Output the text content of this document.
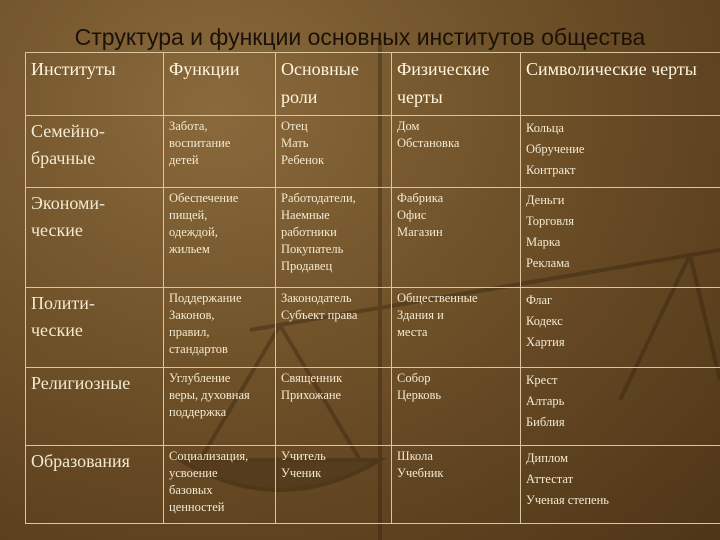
Структура и функции основных институтов общества
Институты	Функции	Основные роли	Физические черты	Символические черты

Семейно-
брачные	Забота,
воспитание
детей	Отец
Мать
Ребенок	Дом
Обстановка	Кольца
Обручение
Контракт

Экономи-
ческие	Обеспечение
пищей,
одеждой,
жильем	Работодатели,
Наемные
работники
Покупатель
Продавец	Фабрика
Офис
Магазин	Деньги
Торговля
Марка
Реклама

Полити-
ческие	Поддержание
Законов,
правил,
стандартов	Законодатель
Субъект права	Общественные
Здания и
места	Флаг
Кодекс
Хартия

Религиозные	Углубление
веры, духовная
поддержка	Священник
Прихожане	Собор
Церковь	Крест
Алтарь
Библия

Образования	Социализация,
усвоение
базовых
ценностей	Учитель
Ученик	Школа
Учебник	Диплом
Аттестат
Ученая степень
